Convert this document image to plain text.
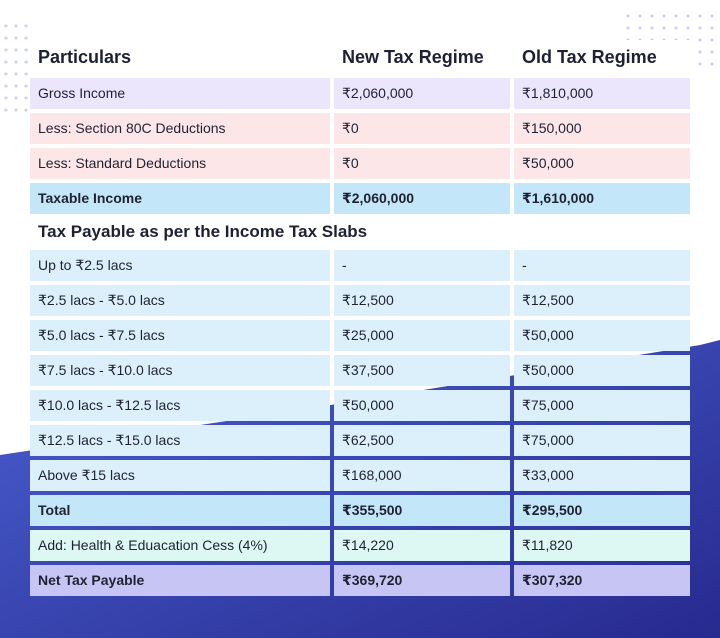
Particulars	New Tax Regime	Old Tax Regime
Gross Income	₹2,060,000	₹1,810,000
Less: Section 80C Deductions	₹0	₹150,000
Less: Standard Deductions	₹0	₹50,000
Taxable Income	₹2,060,000	₹1,610,000
Tax Payable as per the Income Tax Slabs
Up to ₹2.5 lacs	-	-
₹2.5 lacs - ₹5.0 lacs	₹12,500	₹12,500
₹5.0 lacs - ₹7.5 lacs	₹25,000	₹50,000
₹7.5 lacs - ₹10.0 lacs	₹37,500	₹50,000
₹10.0 lacs - ₹12.5 lacs	₹50,000	₹75,000
₹12.5 lacs - ₹15.0 lacs	₹62,500	₹75,000
Above ₹15 lacs	₹168,000	₹33,000
Total	₹355,500	₹295,500
Add: Health & Eduacation Cess (4%)	₹14,220	₹11,820
Net Tax Payable	₹369,720	₹307,320
